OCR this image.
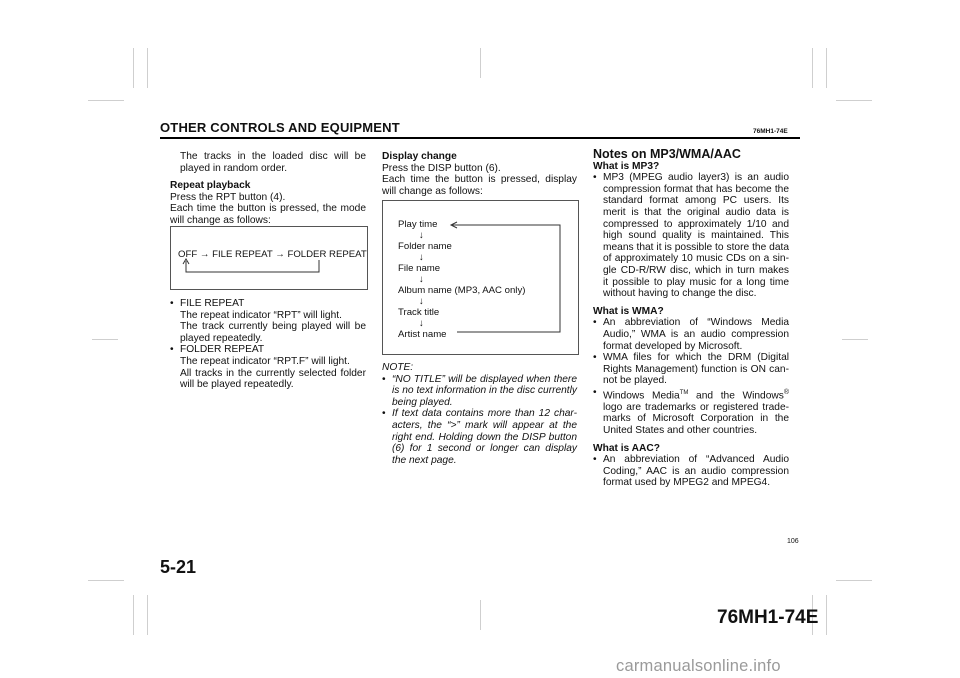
OTHER CONTROLS AND EQUIPMENT	76MH1-74E

The tracks in the loaded disc will be played in random order.

Repeat playback

Press the RPT button (4).

Each time the button is pressed, the mode will change as follows:

OFF → FILE REPEAT → FOLDER REPEAT

• FILE REPEAT

The repeat indicator “RPT” will light.

The track currently being played will be played repeatedly.

• FOLDER REPEAT

The repeat indicator “RPT.F” will light.

All tracks in the currently selected folder will be played repeatedly.

Display change

Press the DISP button (6).

Each time the button is pressed, display will change as follows:

Play time
↓
Folder name
↓
File name
↓
Album name (MP3, AAC only)
↓
Track title
↓
Artist name

NOTE:

• “NO TITLE” will be displayed when there is no text information in the disc currently being played.

• If text data contains more than 12 char-acters, the “>” mark will appear at the right end. Holding down the DISP button (6) for 1 second or longer can display the next page.

Notes on MP3/WMA/AAC

What is MP3?

• MP3 (MPEG audio layer3) is an audio compression format that has become the standard format among PC users. Its merit is that the original audio data is compressed to approximately 1/10 and high sound quality is maintained. This means that it is possible to store the data of approximately 10 music CDs on a sin-gle CD-R/RW disc, which in turn makes it possible to play music for a long time without having to change the disc.

What is WMA?

• An abbreviation of “Windows Media Audio,” WMA is an audio compression format developed by Microsoft.

• WMA files for which the DRM (Digital Rights Management) function is ON can-not be played.

• Windows Media™ and the Windows® logo are trademarks or registered trade-marks of Microsoft Corporation in the United States and other countries.

What is AAC?

• An abbreviation of “Advanced Audio Coding,” AAC is an audio compression format used by MPEG2 and MPEG4.

106
5-21
76MH1-74E
carmanualsonline.info
